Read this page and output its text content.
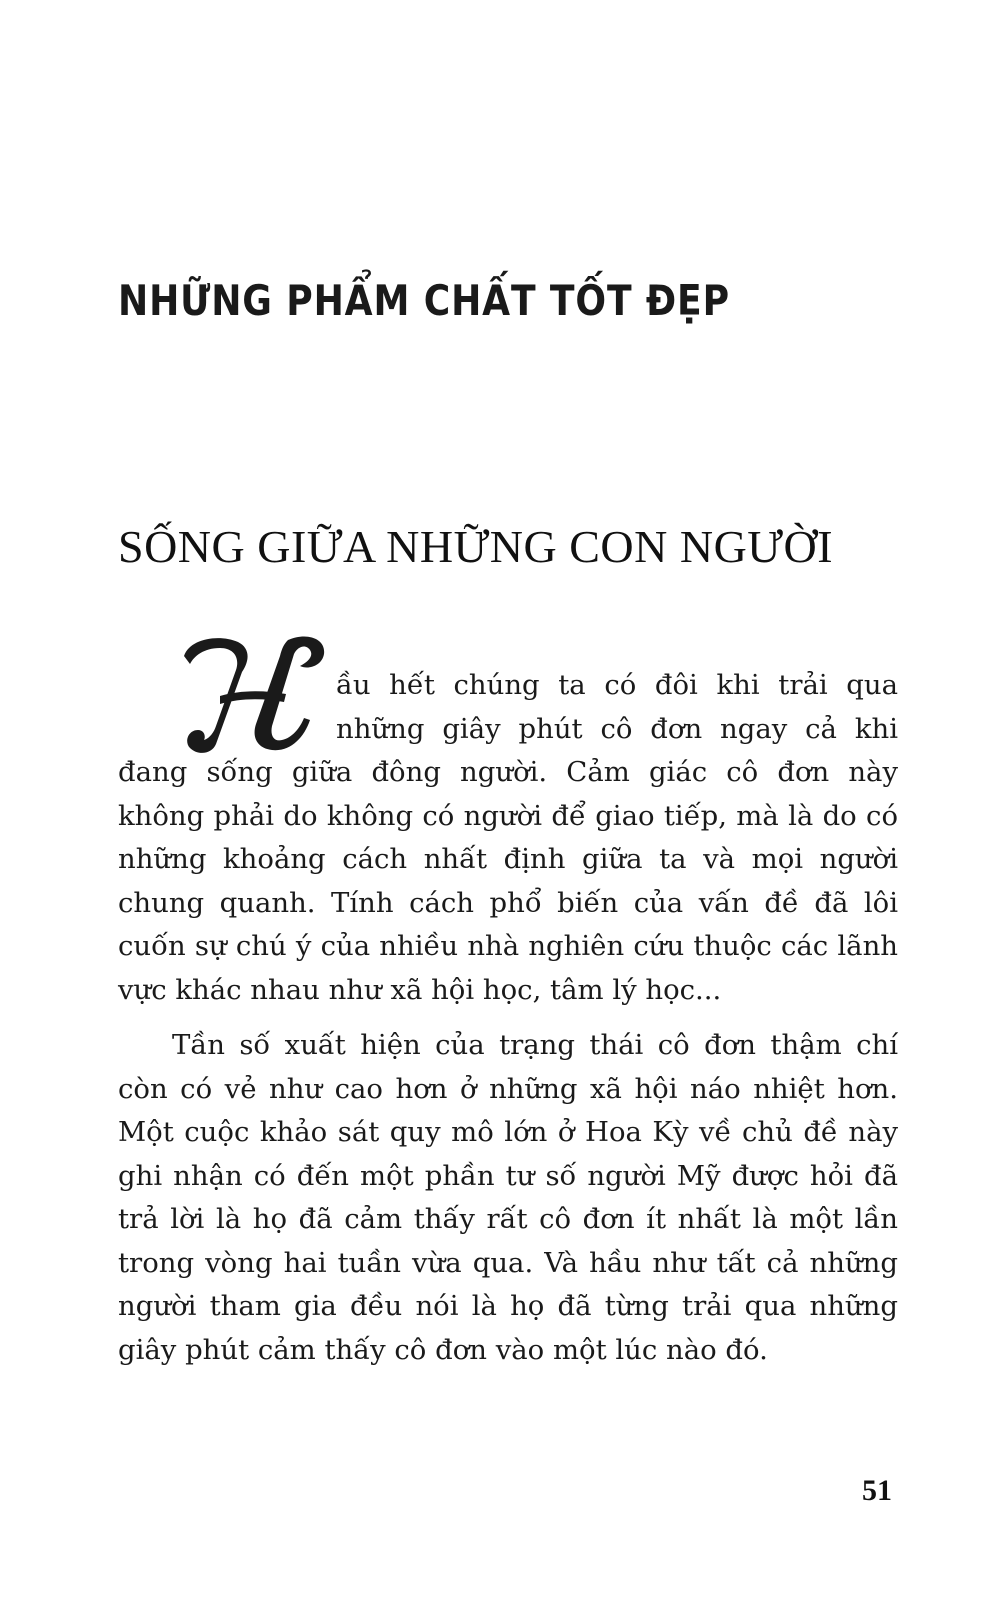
NHỮNG PHẨM CHẤT TỐT ĐẸP
SỐNG GIỮA NHỮNG CON NGƯỜI

ầu hết chúng ta có đôi khi trải qua những giây phút cô đơn ngay cả khi đang sống giữa đông người. Cảm giác cô đơn này không phải do không có người để giao tiếp, mà là do có những khoảng cách nhất định giữa ta và mọi người chung quanh. Tính cách phổ biến của vấn đề đã lôi cuốn sự chú ý của nhiều nhà nghiên cứu thuộc các lãnh vực khác nhau như xã hội học, tâm lý học...

Tần số xuất hiện của trạng thái cô đơn thậm chí còn có vẻ như cao hơn ở những xã hội náo nhiệt hơn. Một cuộc khảo sát quy mô lớn ở Hoa Kỳ về chủ đề này ghi nhận có đến một phần tư số người Mỹ được hỏi đã trả lời là họ đã cảm thấy rất cô đơn ít nhất là một lần trong vòng hai tuần vừa qua. Và hầu như tất cả những người tham gia đều nói là họ đã từng trải qua những giây phút cảm thấy cô đơn vào một lúc nào đó.

51
